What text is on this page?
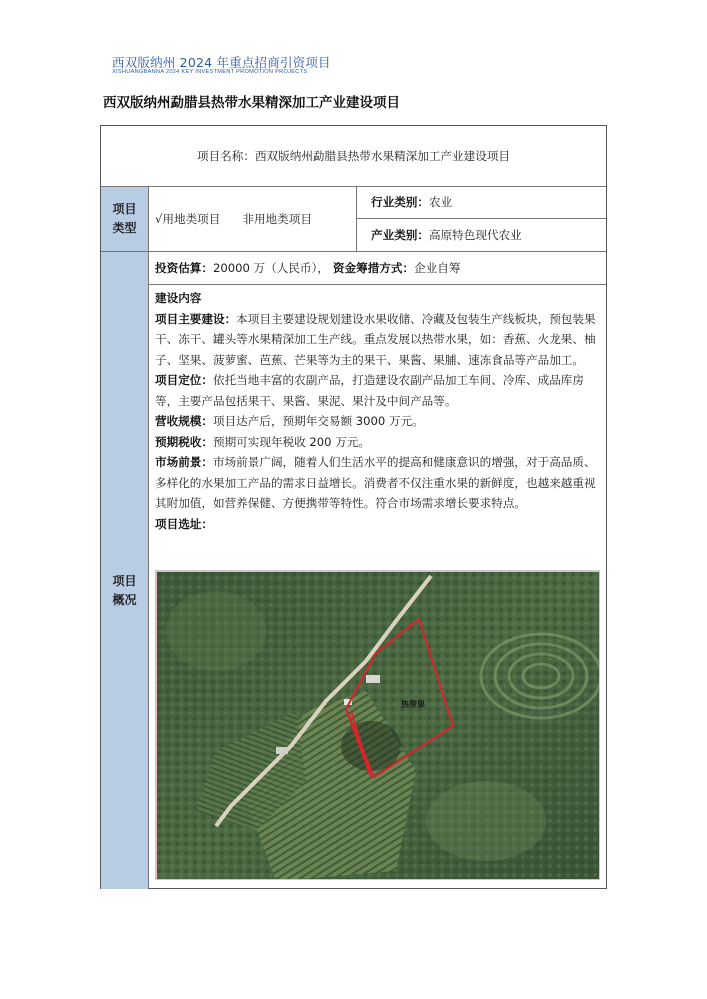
西双版纳州 2024 年重点招商引资项目
XISHUANGBANNA 2024 KEY INVESTMENT PROMOTION PROJECTS
西双版纳州勐腊县热带水果精深加工产业建设项目
项目名称：西双版纳州勐腊县热带水果精深加工产业建设项目
项目
类型
√用地类项目 非用地类项目
行业类别： 农业
产业类别： 高原特色现代农业
项目
概况
投资估算： 20000 万（人民币）， 资金筹措方式： 企业自筹
建设内容
项目主要建设：本项目主要建设规划建设水果收储、冷藏及包装生产线板块，预包装果干、冻干、罐头等水果精深加工生产线。重点发展以热带水果，如：香蕉、火龙果、柚子、坚果、菠萝蜜、芭蕉、芒果等为主的果干、果酱、果脯、速冻食品等产品加工。
项目定位：依托当地丰富的农副产品，打造建设农副产品加工车间、冷库、成品库房等，主要产品包括果干、果酱、果泥、果汁及中间产品等。
营收规模：项目达产后，预期年交易额 3000 万元。
预期税收：预期可实现年税收 200 万元。
市场前景：市场前景广阔，随着人们生活水平的提高和健康意识的增强，对于高品质、多样化的水果加工产品的需求日益增长。消费者不仅注重水果的新鲜度，也越来越重视其附加值，如营养保健、方便携带等特性。符合市场需求增长要求特点。
项目选址：
热带果
